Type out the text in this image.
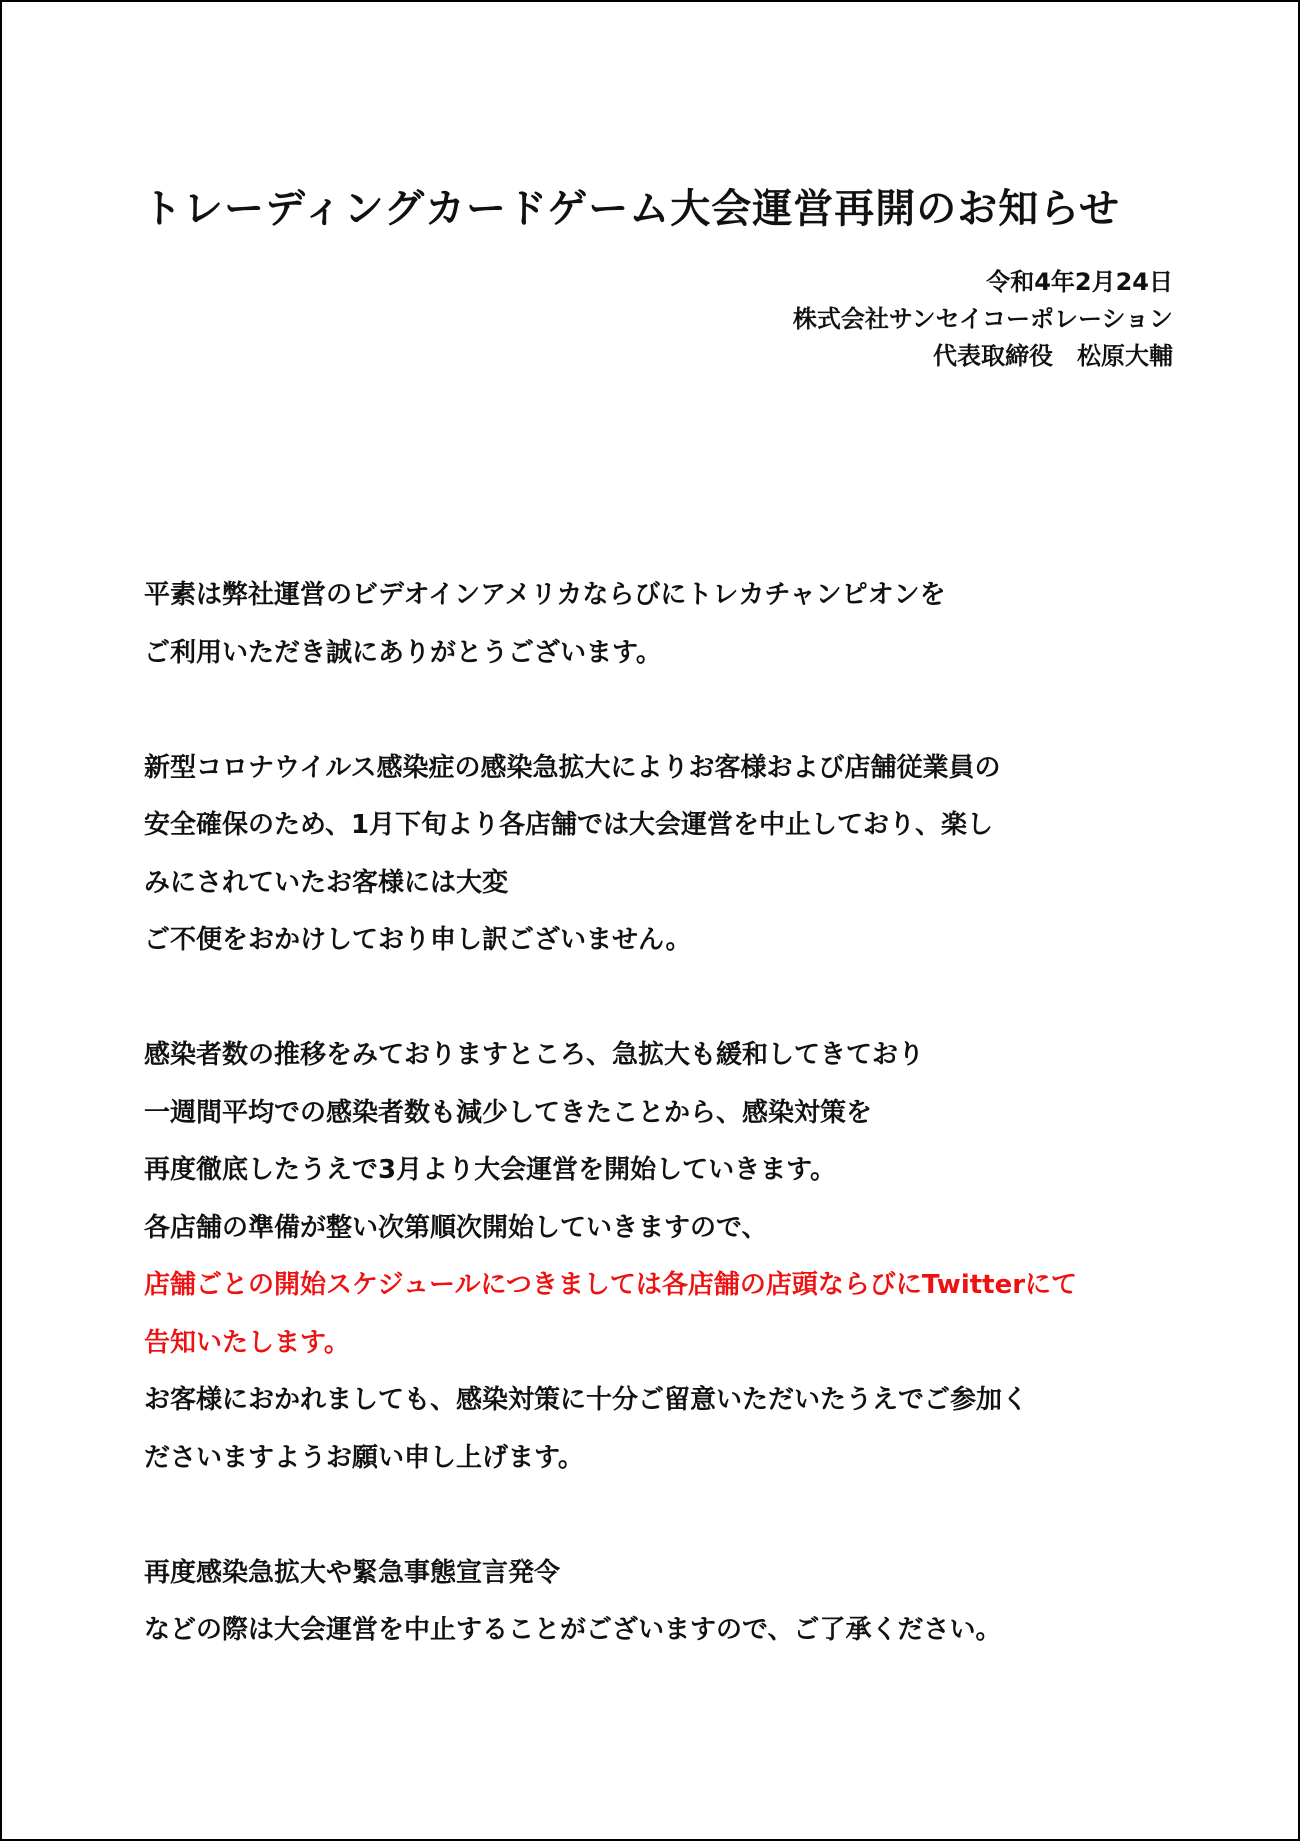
トレーディングカードゲーム大会運営再開のお知らせ
令和4年2月24日
株式会社サンセイコーポレーション
代表取締役　松原大輔

平素は弊社運営のビデオインアメリカならびにトレカチャンピオンを
ご利用いただき誠にありがとうございます。

新型コロナウイルス感染症の感染急拡大によりお客様および店舗従業員の
安全確保のため、1月下旬より各店舗では大会運営を中止しており、楽し
みにされていたお客様には大変
ご不便をおかけしており申し訳ございません。

感染者数の推移をみておりますところ、急拡大も緩和してきており
一週間平均での感染者数も減少してきたことから、感染対策を
再度徹底したうえで3月より大会運営を開始していきます。
各店舗の準備が整い次第順次開始していきますので、
店舗ごとの開始スケジュールにつきましては各店舗の店頭ならびにTwitterにて
告知いたします。
お客様におかれましても、感染対策に十分ご留意いただいたうえでご参加く
ださいますようお願い申し上げます。

再度感染急拡大や緊急事態宣言発令
などの際は大会運営を中止することがございますので、ご了承ください。
